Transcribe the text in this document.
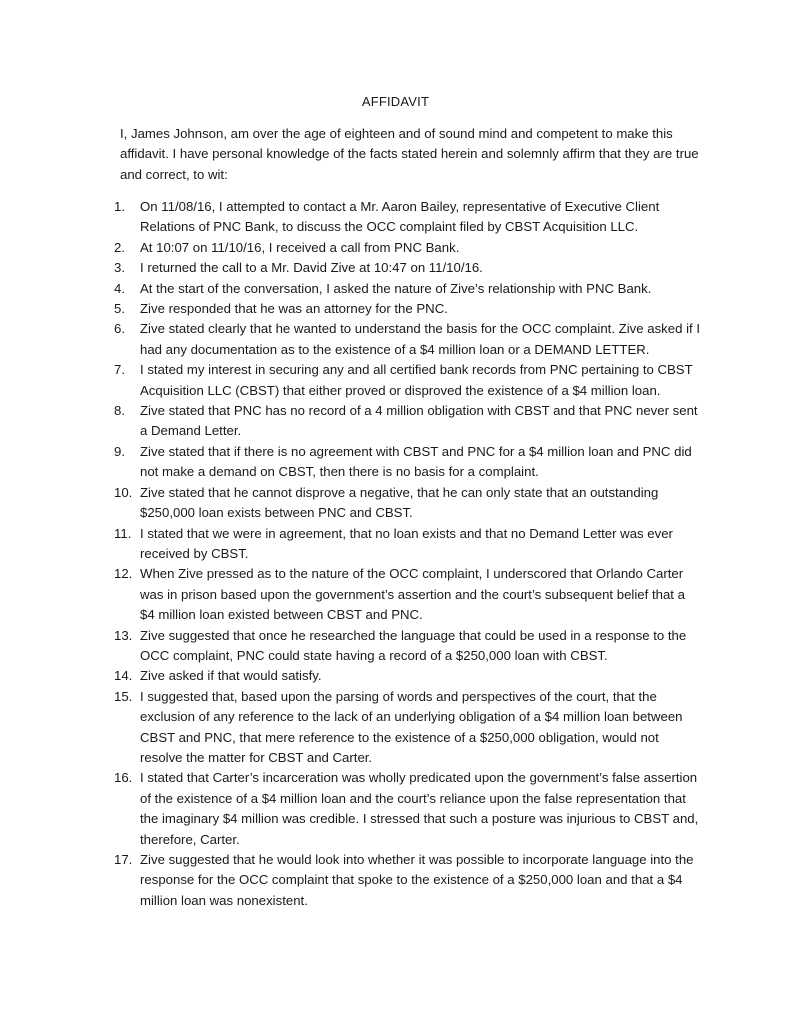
AFFIDAVIT
I, James Johnson, am over the age of eighteen and of sound mind and competent to make this affidavit. I have personal knowledge of the facts stated herein and solemnly affirm that they are true and correct, to wit:
1.	On 11/08/16, I attempted to contact a Mr. Aaron Bailey, representative of Executive Client Relations of PNC Bank, to discuss the OCC complaint filed by CBST Acquisition LLC.
2.	At 10:07 on 11/10/16, I received a call from PNC Bank.
3.	I returned the call to a Mr. David Zive at 10:47 on 11/10/16.
4.	At the start of the conversation, I asked the nature of Zive’s relationship with PNC Bank.
5.	Zive responded that he was an attorney for the PNC.
6.	Zive stated clearly that he wanted to understand the basis for the OCC complaint. Zive asked if I had any documentation as to the existence of a $4 million loan or a DEMAND LETTER.
7.	I stated my interest in securing any and all certified bank records from PNC pertaining to CBST Acquisition LLC (CBST) that either proved or disproved the existence of a $4 million loan.
8.	Zive stated that PNC has no record of a 4 million obligation with CBST and that PNC never sent a Demand Letter.
9.	Zive stated that if there is no agreement with CBST and PNC for a $4 million loan and PNC did not make a demand on CBST, then there is no basis for a complaint.
10. Zive stated that he cannot disprove a negative, that he can only state that an outstanding $250,000 loan exists between PNC and CBST.
11. I stated that we were in agreement, that no loan exists and that no Demand Letter was ever received by CBST.
12. When Zive pressed as to the nature of the OCC complaint, I underscored that Orlando Carter was in prison based upon the government’s assertion and the court’s subsequent belief that a $4 million loan existed between CBST and PNC.
13. Zive suggested that once he researched the language that could be used in a response to the OCC complaint, PNC could state having a record of a $250,000 loan with CBST.
14. Zive asked if that would satisfy.
15. I suggested that, based upon the parsing of words and perspectives of the court, that the exclusion of any reference to the lack of an underlying obligation of a $4 million loan between CBST and PNC, that mere reference to the existence of a $250,000 obligation, would not resolve the matter for CBST and Carter.
16. I stated that Carter’s incarceration was wholly predicated upon the government’s false assertion of the existence of a $4 million loan and the court’s reliance upon the false representation that the imaginary $4 million was credible. I stressed that such a posture was injurious to CBST and, therefore, Carter.
17. Zive suggested that he would look into whether it was possible to incorporate language into the response for the OCC complaint that spoke to the existence of a $250,000 loan and that a $4 million loan was nonexistent.
